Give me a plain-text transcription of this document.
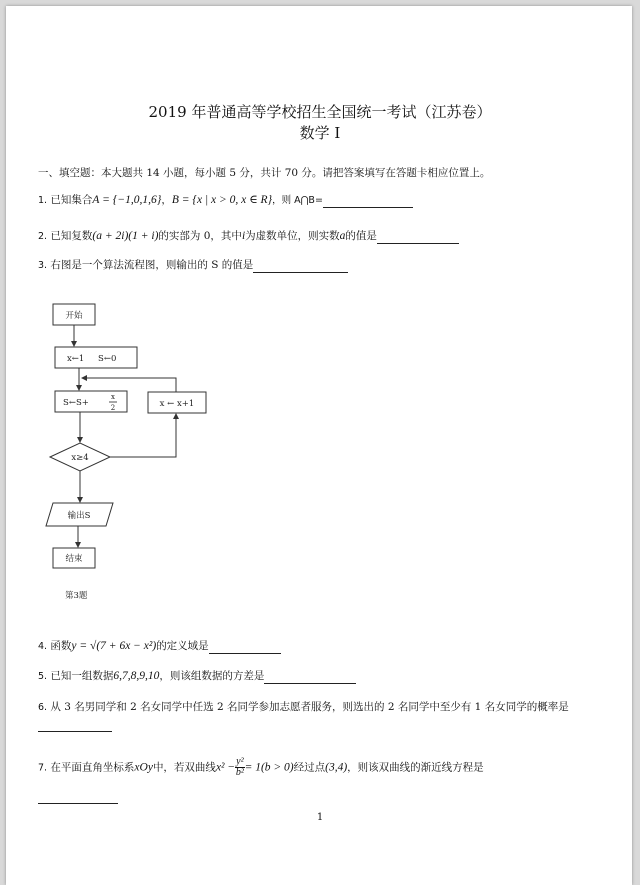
2019 年普通高等学校招生全国统一考试（江苏卷）
数学 I
一、填空题：本大题共 14 小题，每小题 5 分，共计 70 分。请把答案填写在答题卡相应位置上。
1. 已知集合A = {−1,0,1,6}，B = {x | x > 0, x ∈ R}，则 A⋂B=
2. 已知复数(a + 2i)(1 + i)的实部为 0，其中i为虚数单位，则实数a的值是
3. 右图是一个算法流程图，则输出的 S 的值是
开始
x←1 S←0
S←S+
x
2	x ← x+1
x≥4
输出S
结束
第3题
4. 函数y = √(7 + 6x − x²)的定义域是
5. 已知一组数据6,7,8,9,10，则该组数据的方差是
6. 从 3 名男同学和 2 名女同学中任选 2 名同学参加志愿者服务，则选出的 2 名同学中至少有 1 名女同学的概率是
7. 在平面直角坐标系xOy中，若双曲线$x^2 - \frac{\text{y²}}{\text{b²}} = 1(b > 0)$经过点(3,4)，则该双曲线的渐近线方程是
1
